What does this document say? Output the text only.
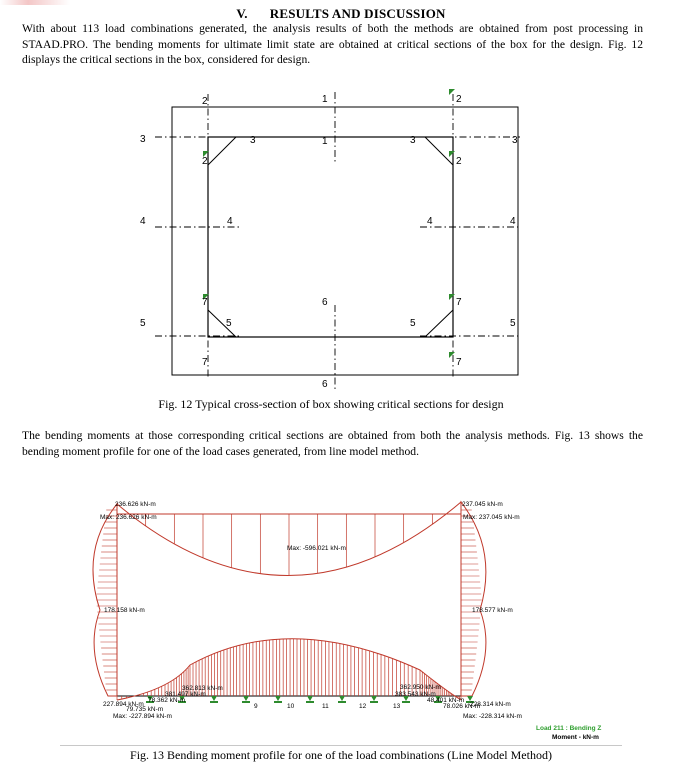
V. RESULTS AND DISCUSSION
With about 113 load combinations generated, the analysis results of both the methods are obtained from post processing in STAAD.PRO. The bending moments for ultimate limit state are obtained at critical sections of the box for the design. Fig. 12 displays the critical sections in the box, considered for design.
2	1
1
2
2	2
3	3	3	3
4	4	4	4
5	5	5	5
6
6
7	7
7	7
Fig. 12 Typical cross-section of box showing critical sections for design
The bending moments at those corresponding critical sections are obtained from both the analysis methods. Fig. 13 shows the bending moment profile for one of the load cases generated, from line model method.
236.626 kN-m
Max: 236.626 kN-m
237.045 kN-m
Max: 237.045 kN-m
Max: -596.021 kN-m
178.158 kN-m	178.577 kN-m
227.894 kN-m
Max: -227.894 kN-m
228.314 kN-m
Max: -228.314 kN-m
79.735 kN-m
78.362 kN-m
381.497 kN-m
362.813 kN-m
48.401 kN-m
383.543 kN-m
78.026 kN-m
362.950 kN-m
9	10	11	12	13
Load 211 : Bending Z
Moment - kN-m
Fig. 13 Bending moment profile for one of the load combinations (Line Model Method)
